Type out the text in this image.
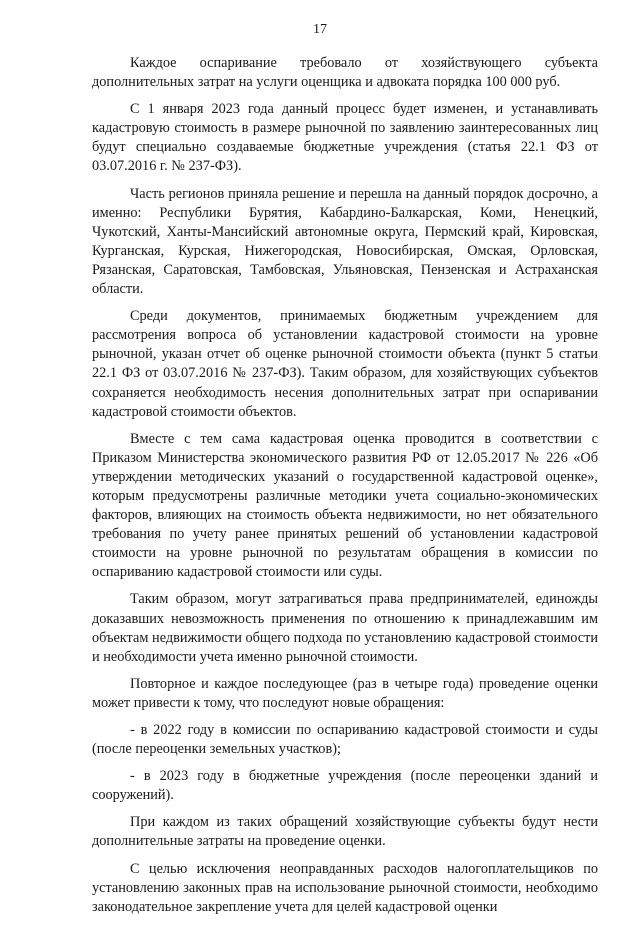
17

Каждое оспаривание требовало от хозяйствующего субъекта дополнительных затрат на услуги оценщика и адвоката порядка 100 000 руб.

С 1 января 2023 года данный процесс будет изменен, и устанавливать кадастровую стоимость в размере рыночной по заявлению заинтересованных лиц будут специально создаваемые бюджетные учреждения (статья 22.1 ФЗ от 03.07.2016 г. № 237-ФЗ).

Часть регионов приняла решение и перешла на данный порядок досрочно, а именно: Республики Бурятия, Кабардино-Балкарская, Коми, Ненецкий, Чукотский, Ханты-Мансийский автономные округа, Пермский край, Кировская, Курганская, Курская, Нижегородская, Новосибирская, Омская, Орловская, Рязанская, Саратовская, Тамбовская, Ульяновская, Пензенская и Астраханская области.

Среди документов, принимаемых бюджетным учреждением для рассмотрения вопроса об установлении кадастровой стоимости на уровне рыночной, указан отчет об оценке рыночной стоимости объекта (пункт 5 статьи 22.1 ФЗ от 03.07.2016 № 237-ФЗ). Таким образом, для хозяйствующих субъектов сохраняется необходимость несения дополнительных затрат при оспаривании кадастровой стоимости объектов.

Вместе с тем сама кадастровая оценка проводится в соответствии с Приказом Министерства экономического развития РФ от 12.05.2017 № 226 «Об утверждении методических указаний о государственной кадастровой оценке», которым предусмотрены различные методики учета социально-экономических факторов, влияющих на стоимость объекта недвижимости, но нет обязательного требования по учету ранее принятых решений об установлении кадастровой стоимости на уровне рыночной по результатам обращения в комиссии по оспариванию кадастровой стоимости или суды.

Таким образом, могут затрагиваться права предпринимателей, единожды доказавших невозможность применения по отношению к принадлежавшим им объектам недвижимости общего подхода по установлению кадастровой стоимости и необходимости учета именно рыночной стоимости.

Повторное и каждое последующее (раз в четыре года) проведение оценки может привести к тому, что последуют новые обращения:

- в 2022 году в комиссии по оспариванию кадастровой стоимости и суды (после переоценки земельных участков);

- в 2023 году в бюджетные учреждения (после переоценки зданий и сооружений).

При каждом из таких обращений хозяйствующие субъекты будут нести дополнительные затраты на проведение оценки.

С целью исключения неоправданных расходов налогоплательщиков по установлению законных прав на использование рыночной стоимости, необходимо законодательное закрепление учета для целей кадастровой оценки
